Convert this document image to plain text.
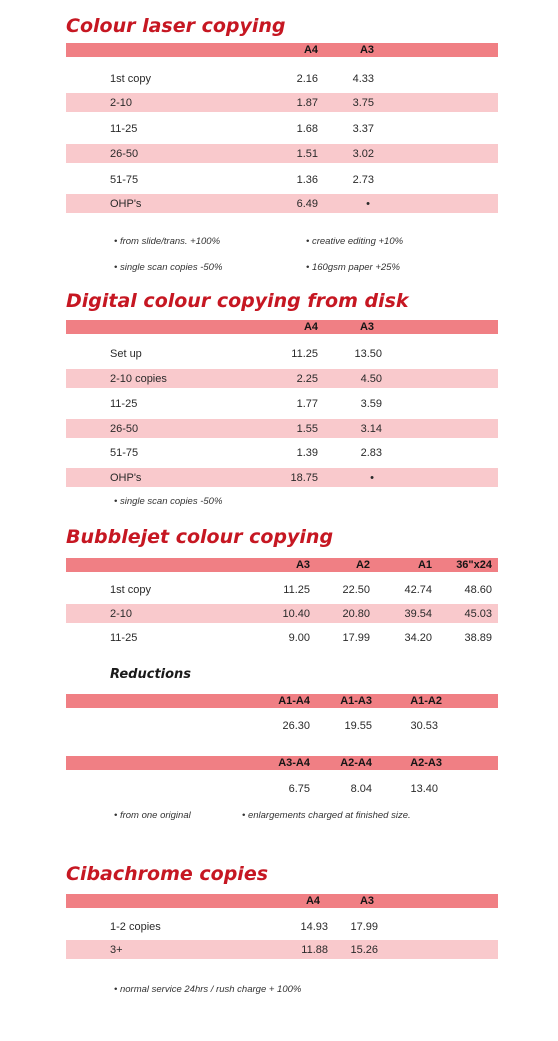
Colour laser copying
A4	A3
1st copy	2.16	4.33
2-10	1.87	3.75
11-25	1.68	3.37
26-50	1.51	3.02
51-75	1.36	2.73
OHP's	6.49	•
• from slide/trans. +100%	• creative editing +10%
• single scan copies -50%	• 160gsm paper +25%
Digital colour copying from disk
A4	A3
Set up	11.25	13.50
2-10 copies	2.25	4.50
11-25	1.77	3.59
26-50	1.55	3.14
51-75	1.39	2.83
OHP's	18.75	•
• single scan copies -50%
Bubblejet colour copying
A3	A2	A1 36"x24
1st copy	11.25	22.50	42.74	48.60
2-10	10.40	20.80	39.54	45.03
11-25	9.00	17.99	34.20	38.89
Reductions
A1-A4	A1-A3	A1-A2
26.30	19.55	30.53
A3-A4	A2-A4	A2-A3
6.75	8.04	13.40
• from one original	• enlargements charged at finished size.
Cibachrome copies
A4	A3
1-2 copies	14.93 17.99
3+	11.88 15.26
• normal service 24hrs / rush charge + 100%
